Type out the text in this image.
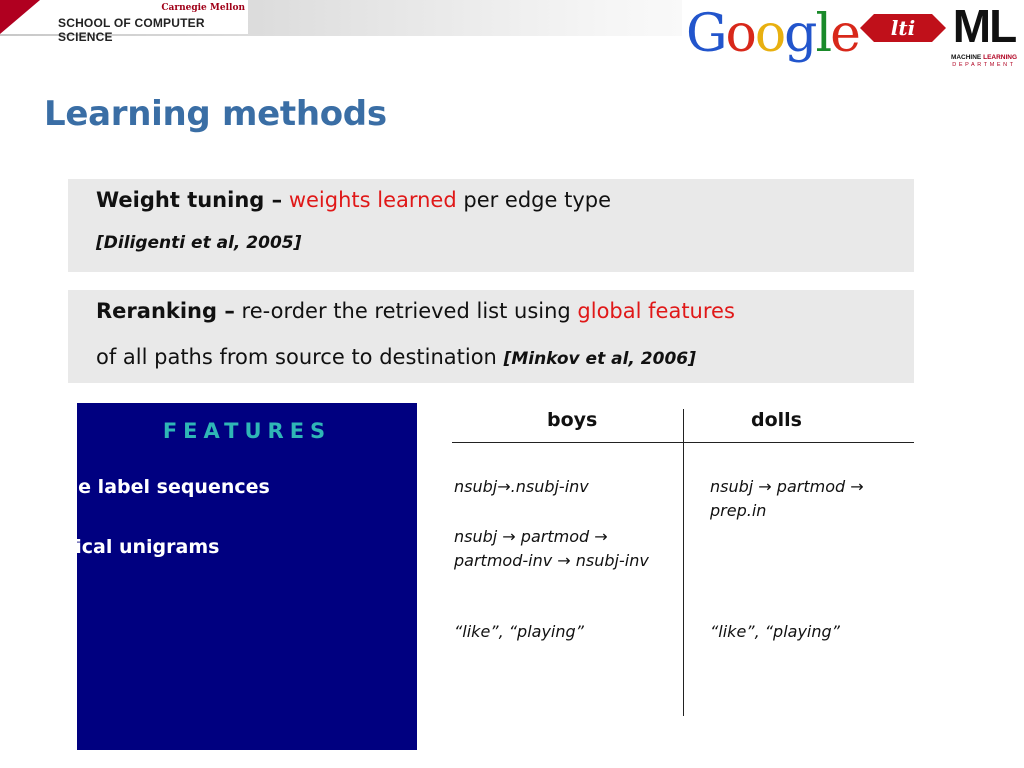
Carnegie Mellon
SCHOOL OF COMPUTER SCIENCE	Google lti ML
MACHINE LEARNING
DEPARTMENT
Learning methods
Weight tuning – weights learned per edge type
[Diligenti et al, 2005]
Reranking – re-order the retrieved list using global features
of all paths from source to destination [Minkov et al, 2006]
FEATURES
Edge label sequences
Lexical unigrams
…
boys	dolls
nsubj→.nsubj-inv
nsubj → partmod → partmod-inv → nsubj-inv
“like”, “playing”
nsubj → partmod → prep.in
“like”, “playing”
